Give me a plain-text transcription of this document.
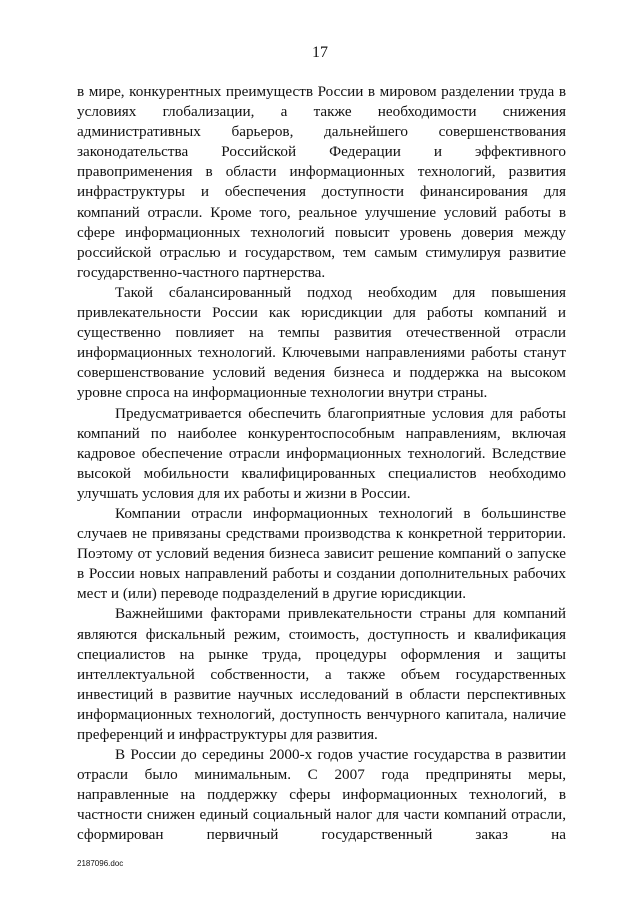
17

в мире, конкурентных преимуществ России в мировом разделении труда в условиях глобализации, а также необходимости снижения административных барьеров, дальнейшего совершенствования законодательства Российской Федерации и эффективного правоприменения в области информационных технологий, развития инфраструктуры и обеспечения доступности финансирования для компаний отрасли. Кроме того, реальное улучшение условий работы в сфере информационных технологий повысит уровень доверия между российской отраслью и государством, тем самым стимулируя развитие государственно-частного партнерства.

Такой сбалансированный подход необходим для повышения привлекательности России как юрисдикции для работы компаний и существенно повлияет на темпы развития отечественной отрасли информационных технологий. Ключевыми направлениями работы станут совершенствование условий ведения бизнеса и поддержка на высоком уровне спроса на информационные технологии внутри страны.

Предусматривается обеспечить благоприятные условия для работы компаний по наиболее конкурентоспособным направлениям, включая кадровое обеспечение отрасли информационных технологий. Вследствие высокой мобильности квалифицированных специалистов необходимо улучшать условия для их работы и жизни в России.

Компании отрасли информационных технологий в большинстве случаев не привязаны средствами производства к конкретной территории. Поэтому от условий ведения бизнеса зависит решение компаний о запуске в России новых направлений работы и создании дополнительных рабочих мест и (или) переводе подразделений в другие юрисдикции.

Важнейшими факторами привлекательности страны для компаний являются фискальный режим, стоимость, доступность и квалификация специалистов на рынке труда, процедуры оформления и защиты интеллектуальной собственности, а также объем государственных инвестиций в развитие научных исследований в области перспективных информационных технологий, доступность венчурного капитала, наличие преференций и инфраструктуры для развития.

В России до середины 2000-х годов участие государства в развитии отрасли было минимальным. С 2007 года предприняты меры, направленные на поддержку сферы информационных технологий, в частности снижен единый социальный налог для части компаний отрасли, сформирован первичный государственный заказ на

2187096.doc
